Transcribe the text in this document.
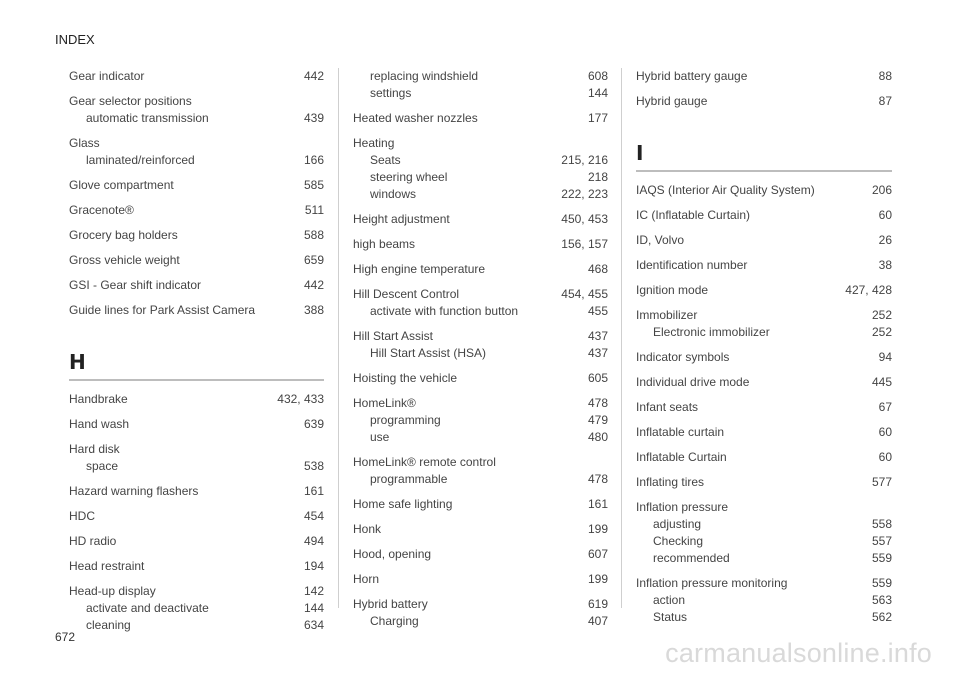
INDEX
Gear indicator	442
Gear selector positions
automatic transmission	439
Glass
laminated/reinforced	166
Glove compartment	585
Gracenote®	511
Grocery bag holders	588
Gross vehicle weight	659
GSI - Gear shift indicator	442
Guide lines for Park Assist Camera	388
H
Handbrake	432, 433
Hand wash	639
Hard disk
space	538
Hazard warning flashers	161
HDC	454
HD radio	494
Head restraint	194
Head-up display	142
activate and deactivate	144
cleaning	634
replacing windshield	608
settings	144
Heated washer nozzles	177
Heating
Seats	215, 216
steering wheel	218
windows	222, 223
Height adjustment	450, 453
high beams	156, 157
High engine temperature	468
Hill Descent Control	454, 455
activate with function button	455
Hill Start Assist	437
Hill Start Assist (HSA)	437
Hoisting the vehicle	605
HomeLink®	478
programming	479
use	480
HomeLink® remote control
programmable	478
Home safe lighting	161
Honk	199
Hood, opening	607
Horn	199
Hybrid battery	619
Charging	407
Hybrid battery gauge	88
Hybrid gauge	87
I
IAQS (Interior Air Quality System)	206
IC (Inflatable Curtain)	60
ID, Volvo	26
Identification number	38
Ignition mode	427, 428
Immobilizer	252
Electronic immobilizer	252
Indicator symbols	94
Individual drive mode	445
Infant seats	67
Inflatable curtain	60
Inflatable Curtain	60
Inflating tires	577
Inflation pressure
adjusting	558
Checking	557
recommended	559
Inflation pressure monitoring	559
action	563
Status	562
672
carmanualsonline.info
